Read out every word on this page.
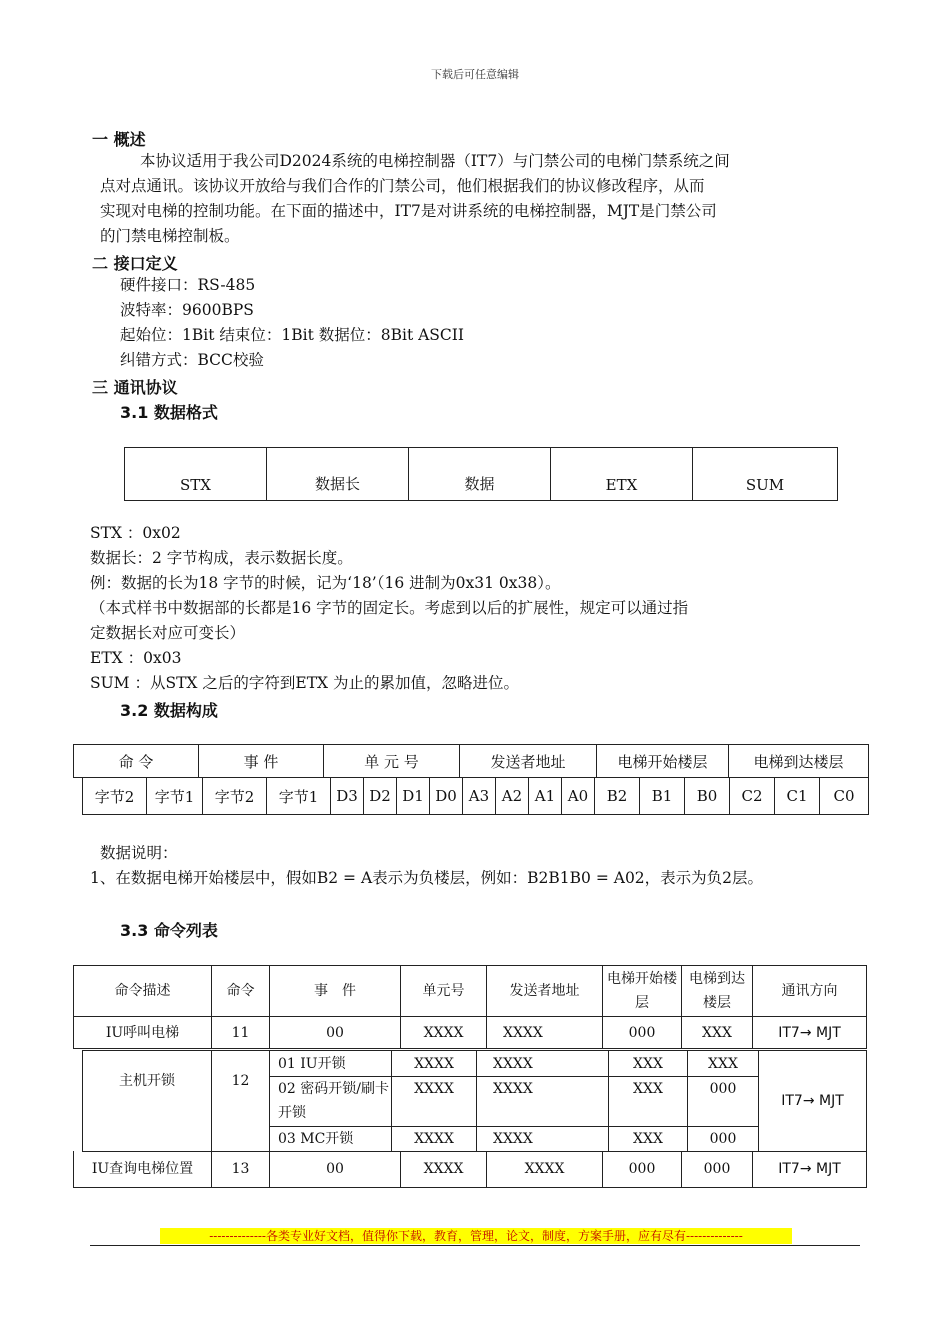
下载后可任意编辑
一 概述
本协议适用于我公司D2024系统的电梯控制器（IT7）与门禁公司的电梯门禁系统之间
点对点通讯。该协议开放给与我们合作的门禁公司，他们根据我们的协议修改程序，从而
实现对电梯的控制功能。在下面的描述中，IT7是对讲系统的电梯控制器，MJT是门禁公司
的门禁电梯控制板。
二 接口定义
硬件接口：RS-485
波特率：9600BPS
起始位：1Bit 结束位：1Bit 数据位：8Bit ASCII
纠错方式：BCC校验
三 通讯协议
3.1 数据格式
STX	数据长	数据	ETX	SUM
STX ：0x02
数据长：2 字节构成，表示数据长度。
例：数据的长为18 字节的时候，记为‘18’（16 进制为0x31 0x38）。
（本式样书中数据部的长都是16 字节的固定长。考虑到以后的扩展性，规定可以通过指
定数据长对应可变长）
ETX ：0x03
SUM ：从STX 之后的字符到ETX 为止的累加值，忽略进位。
3.2 数据构成
命 令	事 件	单 元 号	发送者地址	电梯开始楼层	电梯到达楼层
字节2	字节1	字节2	字节1	D3	D2	D1	D0	A3	A2	A1	A0	B2	B1	B0	C2	C1	C0
数据说明：
1、在数据电梯开始楼层中，假如B2 = A表示为负楼层，例如：B2B1B0 = A02，表示为负2层。
3.3 命令列表
命令描述	命令	事　件	单元号	发送者地址	电梯开始楼层	电梯到达楼层	通讯方向
IU呼叫电梯	11	00	XXXX	XXXX	000	XXX	IT7→ MJT
主机开锁	12	01 IU开锁	XXXX	XXXX	XXX	XXX	IT7→ MJT
		02 密码开锁/刷卡开锁	XXXX	XXXX	XXX	000	
		03 MC开锁	XXXX	XXXX	XXX	000	
IU查询电梯位置	13	00	XXXX	XXXX	000	000	IT7→ MJT
--------------各类专业好文档，值得你下载，教育，管理，论文，制度，方案手册，应有尽有--------------
